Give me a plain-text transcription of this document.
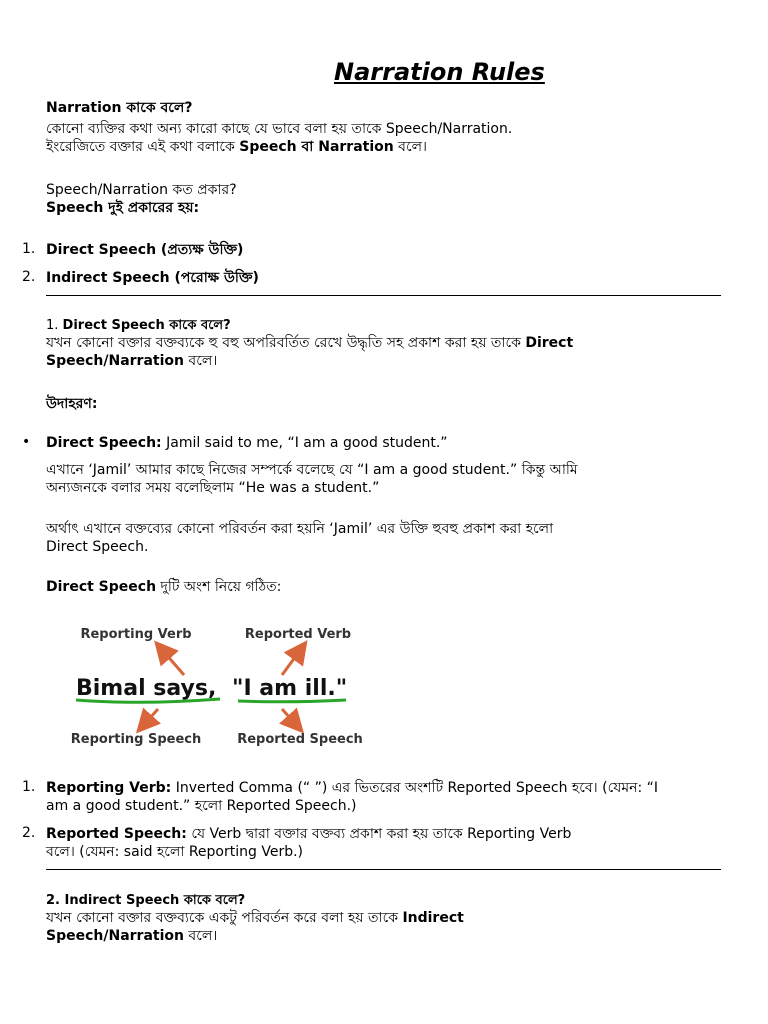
Narration Rules
Narration কাকে বলে?
কোনো ব্যক্তির কথা অন্য কারো কাছে যে ভাবে বলা হয় তাকে Speech/Narration.
ইংরেজিতে বক্তার এই কথা বলাকে Speech বা Narration বলে।
Speech/Narration কত প্রকার?
Speech দুই প্রকারের হয়:
1. Direct Speech (প্রত্যক্ষ উক্তি)
2. Indirect Speech (পরোক্ষ উক্তি)
1. Direct Speech কাকে বলে?
যখন কোনো বক্তার বক্তব্যকে হু বহু অপরিবর্তিত রেখে উদ্ধৃতি সহ প্রকাশ করা হয় তাকে Direct
Speech/Narration বলে।
উদাহরণ:
• Direct Speech: Jamil said to me, “I am a good student.”
এখানে ‘Jamil’ আমার কাছে নিজের সম্পর্কে বলেছে যে “I am a good student.” কিন্তু আমি
অন্যজনকে বলার সময় বলেছিলাম “He was a student.”
অর্থাৎ এখানে বক্তব্যের কোনো পরিবর্তন করা হয়নি ‘Jamil’ এর উক্তি হুবহু প্রকাশ করা হলো
Direct Speech.
Direct Speech দুটি অংশ নিয়ে গঠিত:
Reporting Verb	Reported Verb
Bimal says, "I am ill."
Reporting Speech	Reported Speech
1. Reporting Verb: Inverted Comma (“ ”) এর ভিতরের অংশটি Reported Speech হবে। (যেমন: “I
am a good student.” হলো Reported Speech.)
2. Reported Speech: যে Verb দ্বারা বক্তার বক্তব্য প্রকাশ করা হয় তাকে Reporting Verb
বলে। (যেমন: said হলো Reporting Verb.)
2. Indirect Speech কাকে বলে?
যখন কোনো বক্তার বক্তব্যকে একটু পরিবর্তন করে বলা হয় তাকে Indirect
Speech/Narration বলে।
